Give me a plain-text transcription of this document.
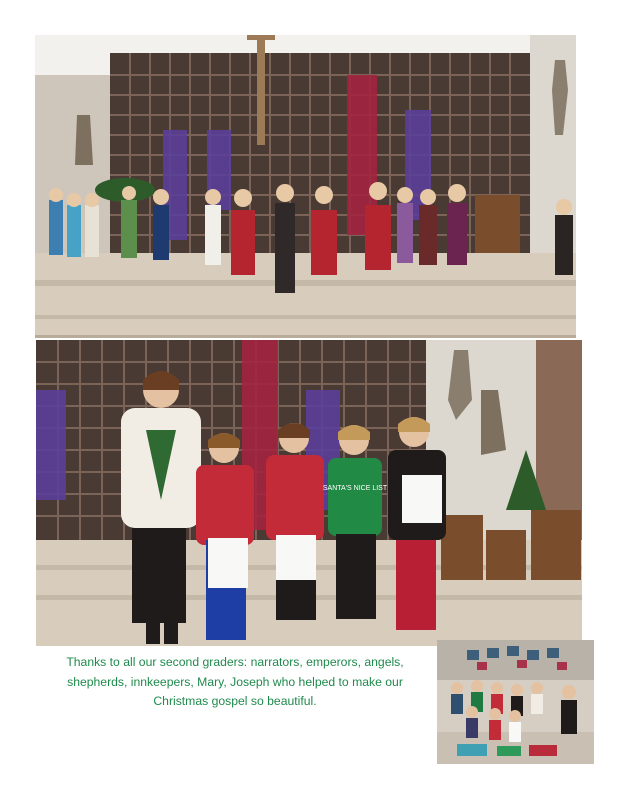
SANTA'S NICE LIST
Thanks to all our second graders: narrators, emperors, angels,
shepherds, innkeepers, Mary, Joseph who helped to make our
Christmas gospel so beautiful.
